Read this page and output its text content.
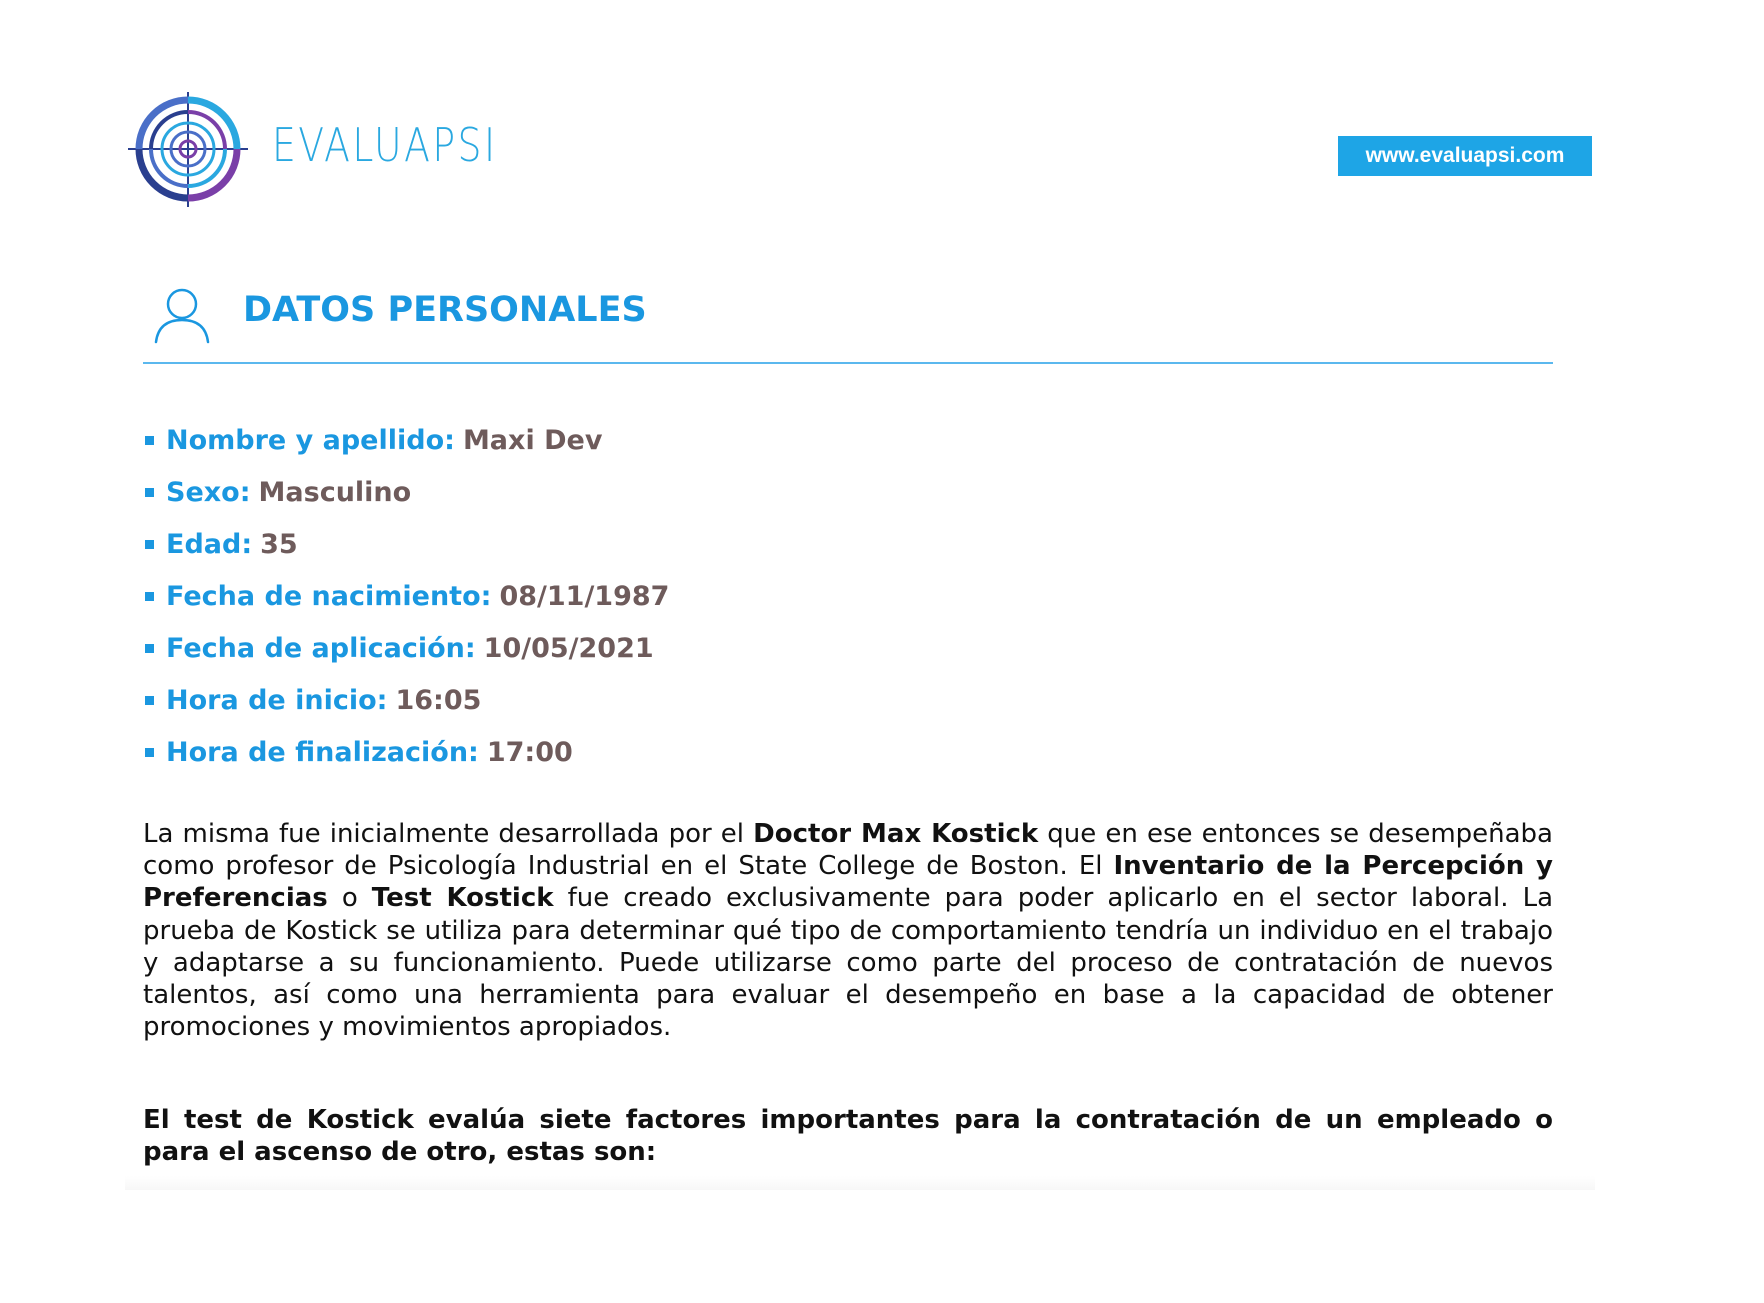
EVALUAPSI	www.evaluapsi.com
DATOS PERSONALES
Nombre y apellido: Maxi Dev
Sexo: Masculino
Edad: 35
Fecha de nacimiento: 08/11/1987
Fecha de aplicación: 10/05/2021
Hora de inicio: 16:05
Hora de finalización: 17:00

La misma fue inicialmente desarrollada por el Doctor Max Kostick que en ese entonces se desempeñaba como profesor de Psicología Industrial en el State College de Boston. El Inventario de la Percepción y Preferencias o Test Kostick fue creado exclusivamente para poder aplicarlo en el sector laboral. La prueba de Kostick se utiliza para determinar qué tipo de comportamiento tendría un individuo en el trabajo y adaptarse a su funcionamiento. Puede utilizarse como parte del proceso de contratación de nuevos talentos, así como una herramienta para evaluar el desempeño en base a la capacidad de obtener promociones y movimientos apropiados.

El test de Kostick evalúa siete factores importantes para la contratación de un empleado o para el ascenso de otro, estas son:
